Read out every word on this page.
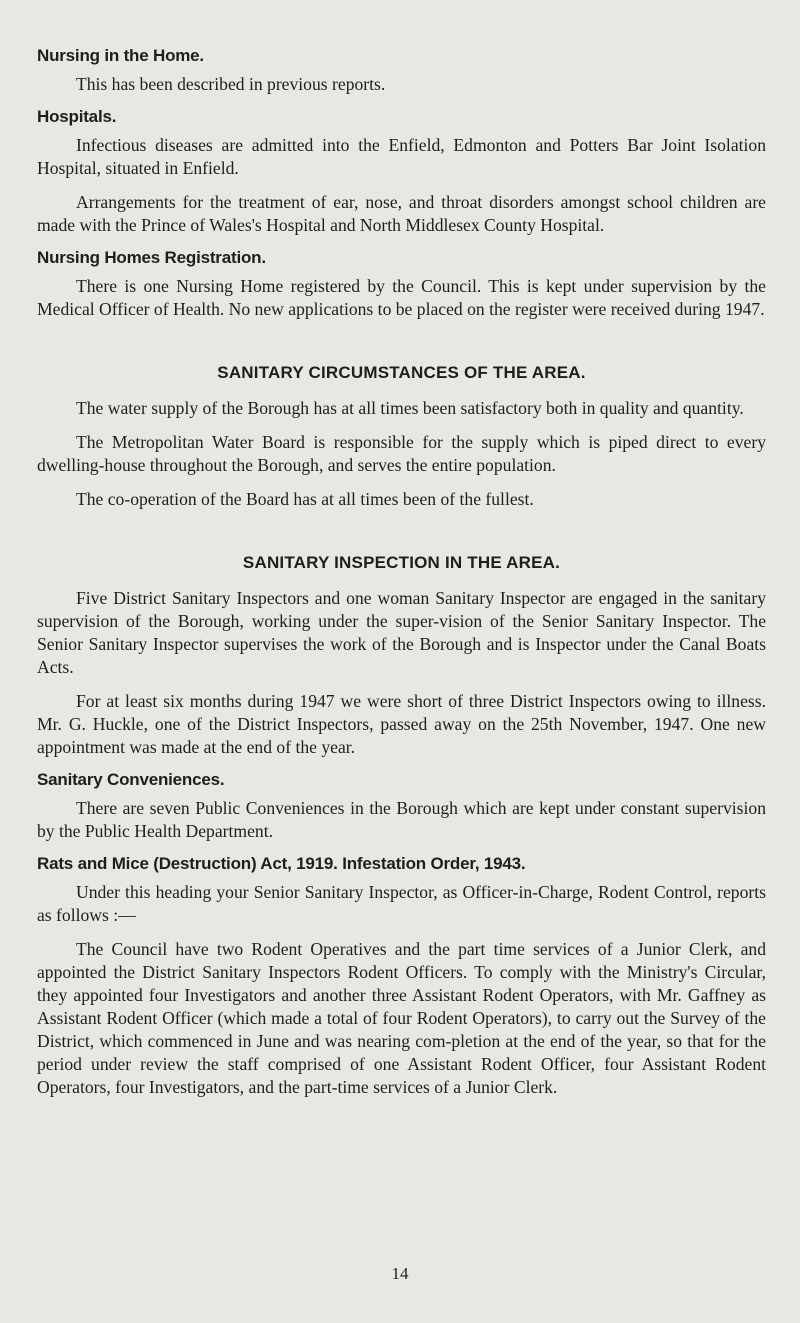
Nursing in the Home.

This has been described in previous reports.

Hospitals.

Infectious diseases are admitted into the Enfield, Edmonton and Potters Bar Joint Isolation Hospital, situated in Enfield.

Arrangements for the treatment of ear, nose, and throat disorders amongst school children are made with the Prince of Wales's Hospital and North Middlesex County Hospital.

Nursing Homes Registration.

There is one Nursing Home registered by the Council. This is kept under supervision by the Medical Officer of Health. No new applications to be placed on the register were received during 1947.

SANITARY CIRCUMSTANCES OF THE AREA.

The water supply of the Borough has at all times been satisfactory both in quality and quantity.

The Metropolitan Water Board is responsible for the supply which is piped direct to every dwelling-house throughout the Borough, and serves the entire population.

The co-operation of the Board has at all times been of the fullest.

SANITARY INSPECTION IN THE AREA.

Five District Sanitary Inspectors and one woman Sanitary Inspector are engaged in the sanitary supervision of the Borough, working under the super-vision of the Senior Sanitary Inspector. The Senior Sanitary Inspector supervises the work of the Borough and is Inspector under the Canal Boats Acts.

For at least six months during 1947 we were short of three District Inspectors owing to illness. Mr. G. Huckle, one of the District Inspectors, passed away on the 25th November, 1947. One new appointment was made at the end of the year.

Sanitary Conveniences.

There are seven Public Conveniences in the Borough which are kept under constant supervision by the Public Health Department.

Rats and Mice (Destruction) Act, 1919. Infestation Order, 1943.

Under this heading your Senior Sanitary Inspector, as Officer-in-Charge, Rodent Control, reports as follows :—

The Council have two Rodent Operatives and the part time services of a Junior Clerk, and appointed the District Sanitary Inspectors Rodent Officers. To comply with the Ministry's Circular, they appointed four Investigators and another three Assistant Rodent Operators, with Mr. Gaffney as Assistant Rodent Officer (which made a total of four Rodent Operators), to carry out the Survey of the District, which commenced in June and was nearing com-pletion at the end of the year, so that for the period under review the staff comprised of one Assistant Rodent Officer, four Assistant Rodent Operators, four Investigators, and the part-time services of a Junior Clerk.

14
